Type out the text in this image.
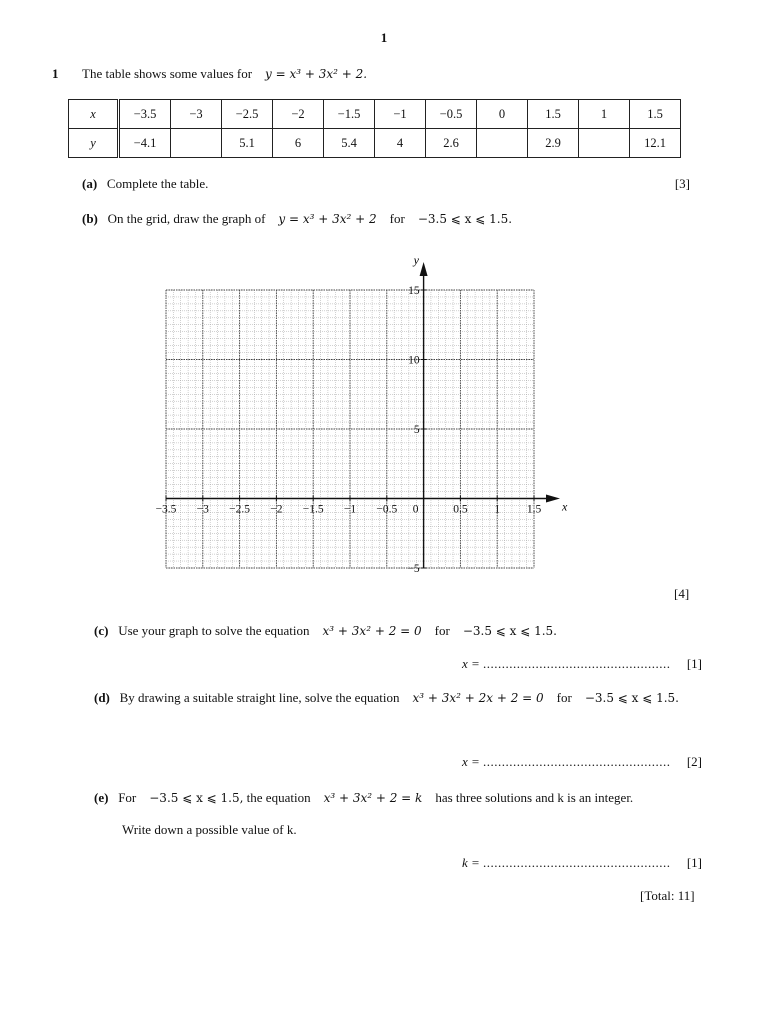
1
1 The table shows some values for y = x³ + 3x² + 2.
x	−3.5	−3	−2.5	−2	−1.5	−1	−0.5	0	1.5	1	1.5
y	−4.1		5.1	6	5.4	4	2.6		2.9		12.1
(a) Complete the table.	[3]
(b) On the grid, draw the graph of y = x³ + 3x² + 2 for −3.5 ⩽ x ⩽ 1.5.
y
x
−3.5 −3 −2.5 −2 −1.5 −1 −0.5 0	0.5 1 1.5
−5
5
10
15
[4]
(c) Use your graph to solve the equation x³ + 3x² + 2 = 0 for −3.5 ⩽ x ⩽ 1.5.
x = .................................................. [1]
(d) By drawing a suitable straight line, solve the equation x³ + 3x² + 2x + 2 = 0 for −3.5 ⩽ x ⩽ 1.5.
x = .................................................. [2]
(e) For −3.5 ⩽ x ⩽ 1.5, the equation x³ + 3x² + 2 = k has three solutions and k is an integer.
Write down a possible value of k.
k = .................................................. [1]
[Total: 11]
